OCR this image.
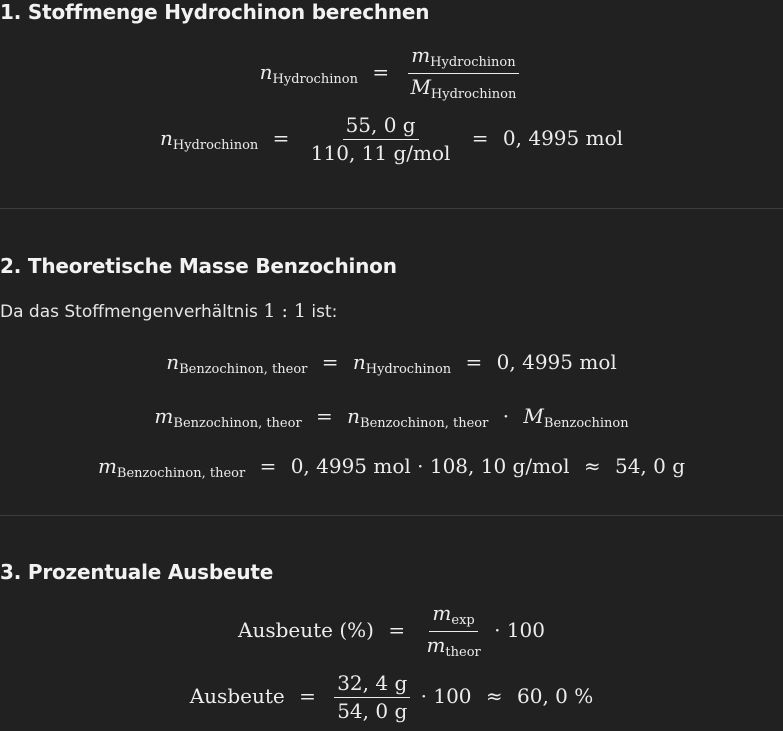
1. Stoffmenge Hydrochinon berechnen
$n_{Hydrochinon} = \frac{m_{Hydrochinon}}{M_{Hydrochinon}}$
$n_{Hydrochinon} = \frac{55, 0 g}{\text{110, 11 g/mol}} = 0$, 4995 mol
2. Theoretische Masse Benzochinon

Da das Stoffmengenverhältnis 1 : 1 ist:

$n_{Benzochinon, theor} = n_{Hydrochinon} = 0$, 4995 mol
$m_{Benzochinon, theor} = n_{Benzochinon, theor} \cdot M_{Benzochinon}$
$m_{Benzochinon, theor} = 0$, 4995 mol · 108, 10 g/mol ≈ 54, 0 g
3. Prozentuale Ausbeute
Ausbeute (%) = $\frac{m_{exp}}{m_{theor}} \cdot 100$
Ausbeute = $\frac{32, 4 g}{54, 0 g} \cdot 100 \approx 60$, 0 %
